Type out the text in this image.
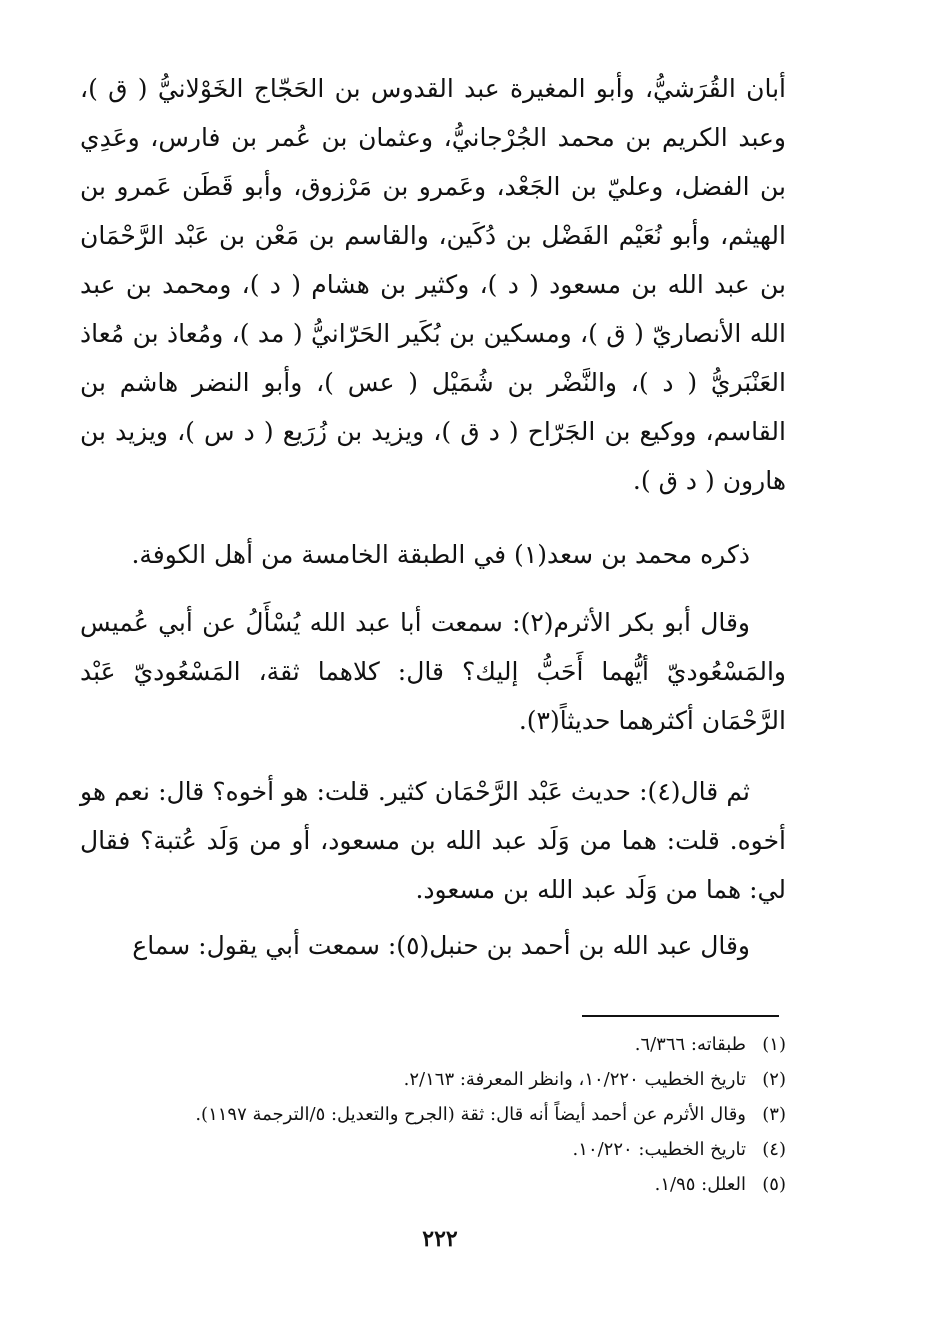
أبان القُرَشيُّ، وأبو المغيرة عبد القدوس بن الحَجّاج الخَوْلانيُّ ( ق )، وعبد الكريم بن محمد الجُرْجانيُّ، وعثمان بن عُمر بن فارس، وعَدِي بن الفضل، وعليّ بن الجَعْد، وعَمرو بن مَرْزوق، وأبو قَطَن عَمرو بن الهيثم، وأبو نُعَيْم الفَضْل بن دُكَين، والقاسم بن مَعْن بن عَبْد الرَّحْمَان بن عبد الله بن مسعود ( د )، وكثير بن هشام ( د )، ومحمد بن عبد الله الأنصاريّ ( ق )، ومسكين بن بُكَير الحَرّانيُّ ( مد )، ومُعاذ بن مُعاذ العَنْبَريُّ ( د )، والنَّضْر بن شُمَيْل ( عس )، وأبو النضر هاشم بن القاسم، ووكيع بن الجَرّاح ( د ق )، ويزيد بن زُرَيع ( د س )، ويزيد بن هارون ( د ق ).

ذكره محمد بن سعد(١) في الطبقة الخامسة من أهل الكوفة.

وقال أبو بكر الأثرم(٢): سمعت أبا عبد الله يُسْأَلُ عن أبي عُميس والمَسْعُوديّ أيُّهما أَحَبُّ إليك؟ قال: كلاهما ثقة، المَسْعُوديّ عَبْد الرَّحْمَان أكثرهما حديثاً(٣).

ثم قال(٤): حديث عَبْد الرَّحْمَان كثير. قلت: هو أخوه؟ قال: نعم هو أخوه. قلت: هما من وَلَد عبد الله بن مسعود، أو من وَلَد عُتبة؟ فقال لي: هما من وَلَد عبد الله بن مسعود.

وقال عبد الله بن أحمد بن حنبل(٥): سمعت أبي يقول: سماع

(١)طبقاته: ٦/٣٦٦.
(٢)تاريخ الخطيب ١٠/٢٢٠، وانظر المعرفة: ٢/١٦٣.
(٣)وقال الأثرم عن أحمد أيضاً أنه قال: ثقة (الجرح والتعديل: ٥/الترجمة ١١٩٧).
(٤)تاريخ الخطيب: ١٠/٢٢٠.
(٥)العلل: ١/٩٥.
٢٢٢
